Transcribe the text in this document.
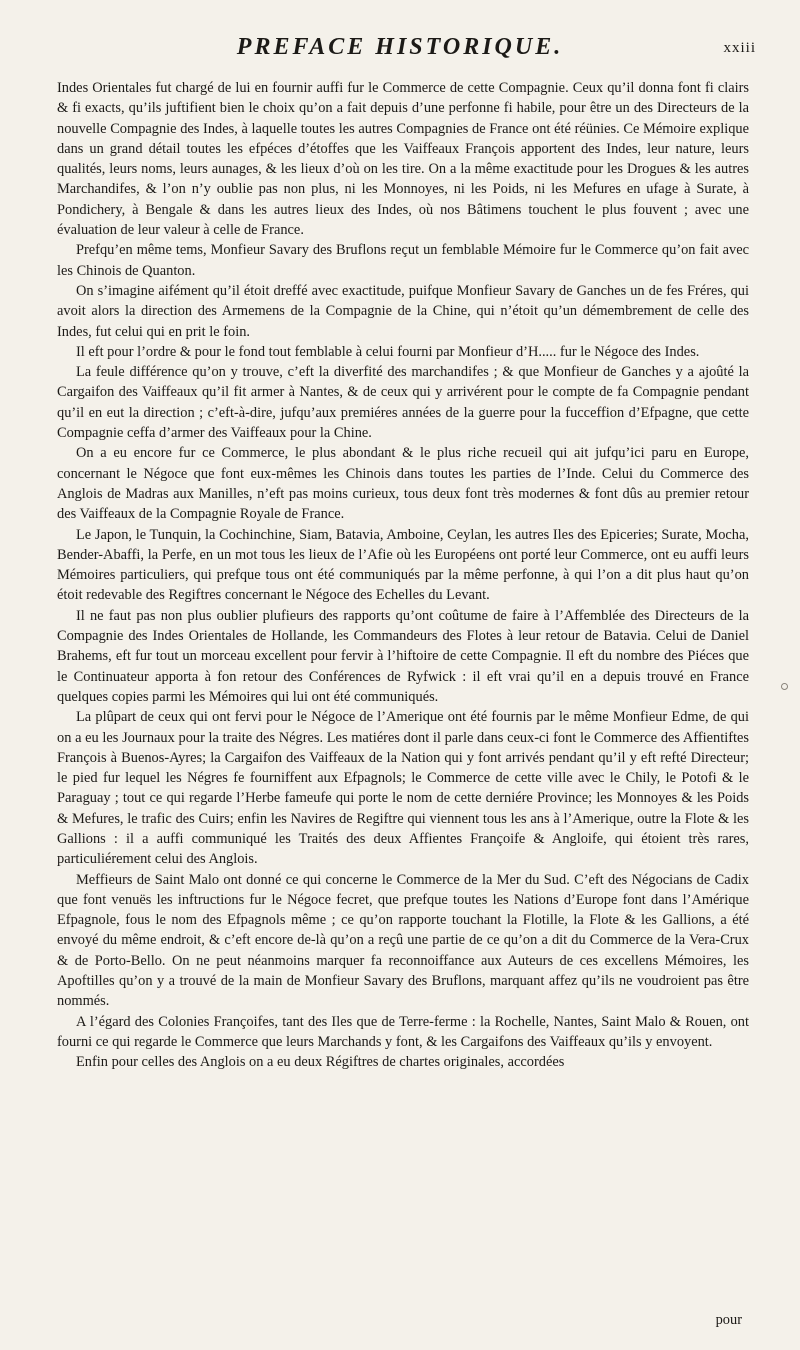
PREFACE HISTORIQUE.	xxiii

Indes Orientales fut chargé de lui en fournir auffi fur le Commerce de cette Compagnie. Ceux qu’il donna font fi clairs & fi exacts, qu’ils juftifient bien le choix qu’on a fait depuis d’une perfonne fi habile, pour être un des Directeurs de la nouvelle Compagnie des Indes, à laquelle toutes les autres Compagnies de France ont été réünies. Ce Mémoire explique dans un grand détail toutes les efpéces d’étoffes que les Vaiffeaux François apportent des Indes, leur nature, leurs qualités, leurs noms, leurs aunages, & les lieux d’où on les tire. On a la même exactitude pour les Drogues & les autres Marchandifes, & l’on n’y oublie pas non plus, ni les Monnoyes, ni les Poids, ni les Mefures en ufage à Surate, à Pondichery, à Bengale & dans les autres lieux des Indes, où nos Bâtimens touchent le plus fouvent ; avec une évaluation de leur valeur à celle de France.

Prefqu’en même tems, Monfieur Savary des Bruflons reçut un femblable Mémoire fur le Commerce qu’on fait avec les Chinois de Quanton.

On s’imagine aifément qu’il étoit dreffé avec exactitude, puifque Monfieur Savary de Ganches un de fes Fréres, qui avoit alors la direction des Armemens de la Compagnie de la Chine, qui n’étoit qu’un démembrement de celle des Indes, fut celui qui en prit le foin.

Il eft pour l’ordre & pour le fond tout femblable à celui fourni par Monfieur d’H..... fur le Négoce des Indes.

La feule différence qu’on y trouve, c’eft la diverfité des marchandifes ; & que Monfieur de Ganches y a ajoûté la Cargaifon des Vaiffeaux qu’il fit armer à Nantes, & de ceux qui y arrivérent pour le compte de fa Compagnie pendant qu’il en eut la direction ; c’eft-à-dire, jufqu’aux premiéres années de la guerre pour la fucceffion d’Efpagne, que cette Compagnie ceffa d’armer des Vaiffeaux pour la Chine.

On a eu encore fur ce Commerce, le plus abondant & le plus riche recueil qui ait jufqu’ici paru en Europe, concernant le Négoce que font eux-mêmes les Chinois dans toutes les parties de l’Inde. Celui du Commerce des Anglois de Madras aux Manilles, n’eft pas moins curieux, tous deux font très modernes & font dûs au premier retour des Vaiffeaux de la Compagnie Royale de France.

Le Japon, le Tunquin, la Cochinchine, Siam, Batavia, Amboine, Ceylan, les autres Iles des Epiceries; Surate, Mocha, Bender-Abaffi, la Perfe, en un mot tous les lieux de l’Afie où les Européens ont porté leur Commerce, ont eu auffi leurs Mémoires particuliers, qui prefque tous ont été communiqués par la même perfonne, à qui l’on a dit plus haut qu’on étoit redevable des Regiftres concernant le Négoce des Echelles du Levant.

Il ne faut pas non plus oublier plufieurs des rapports qu’ont coûtume de faire à l’Affemblée des Directeurs de la Compagnie des Indes Orientales de Hollande, les Commandeurs des Flotes à leur retour de Batavia. Celui de Daniel Brahems, eft fur tout un morceau excellent pour fervir à l’hiftoire de cette Compagnie. Il eft du nombre des Piéces que le Continuateur apporta à fon retour des Conférences de Ryfwick : il eft vrai qu’il en a depuis trouvé en France quelques copies parmi les Mémoires qui lui ont été communiqués.

La plûpart de ceux qui ont fervi pour le Négoce de l’Amerique ont été fournis par le même Monfieur Edme, de qui on a eu les Journaux pour la traite des Négres. Les matiéres dont il parle dans ceux-ci font le Commerce des Affientiftes François à Buenos-Ayres; la Cargaifon des Vaiffeaux de la Nation qui y font arrivés pendant qu’il y eft refté Directeur; le pied fur lequel les Négres fe fourniffent aux Efpagnols; le Commerce de cette ville avec le Chily, le Potofi & le Paraguay ; tout ce qui regarde l’Herbe fameufe qui porte le nom de cette derniére Province; les Monnoyes & les Poids & Mefures, le trafic des Cuirs; enfin les Navires de Regiftre qui viennent tous les ans à l’Amerique, outre la Flote & les Gallions : il a auffi communiqué les Traités des deux Affientes Françoife & Angloife, qui étoient très rares, particuliérement celui des Anglois.

Meffieurs de Saint Malo ont donné ce qui concerne le Commerce de la Mer du Sud. C’eft des Négocians de Cadix que font venuës les inftructions fur le Négoce fecret, que prefque toutes les Nations d’Europe font dans l’Amérique Efpagnole, fous le nom des Efpagnols même ; ce qu’on rapporte touchant la Flotille, la Flote & les Gallions, a été envoyé du même endroit, & c’eft encore de-là qu’on a reçû une partie de ce qu’on a dit du Commerce de la Vera-Crux & de Porto-Bello. On ne peut néanmoins marquer fa reconnoiffance aux Auteurs de ces excellens Mémoires, les Apoftilles qu’on y a trouvé de la main de Monfieur Savary des Bruflons, marquant affez qu’ils ne voudroient pas être nommés.

A l’égard des Colonies Françoifes, tant des Iles que de Terre-ferme : la Rochelle, Nantes, Saint Malo & Rouen, ont fourni ce qui regarde le Commerce que leurs Marchands y font, & les Cargaifons des Vaiffeaux qu’ils y envoyent.

Enfin pour celles des Anglois on a eu deux Régiftres de chartes originales, accordées

pour
